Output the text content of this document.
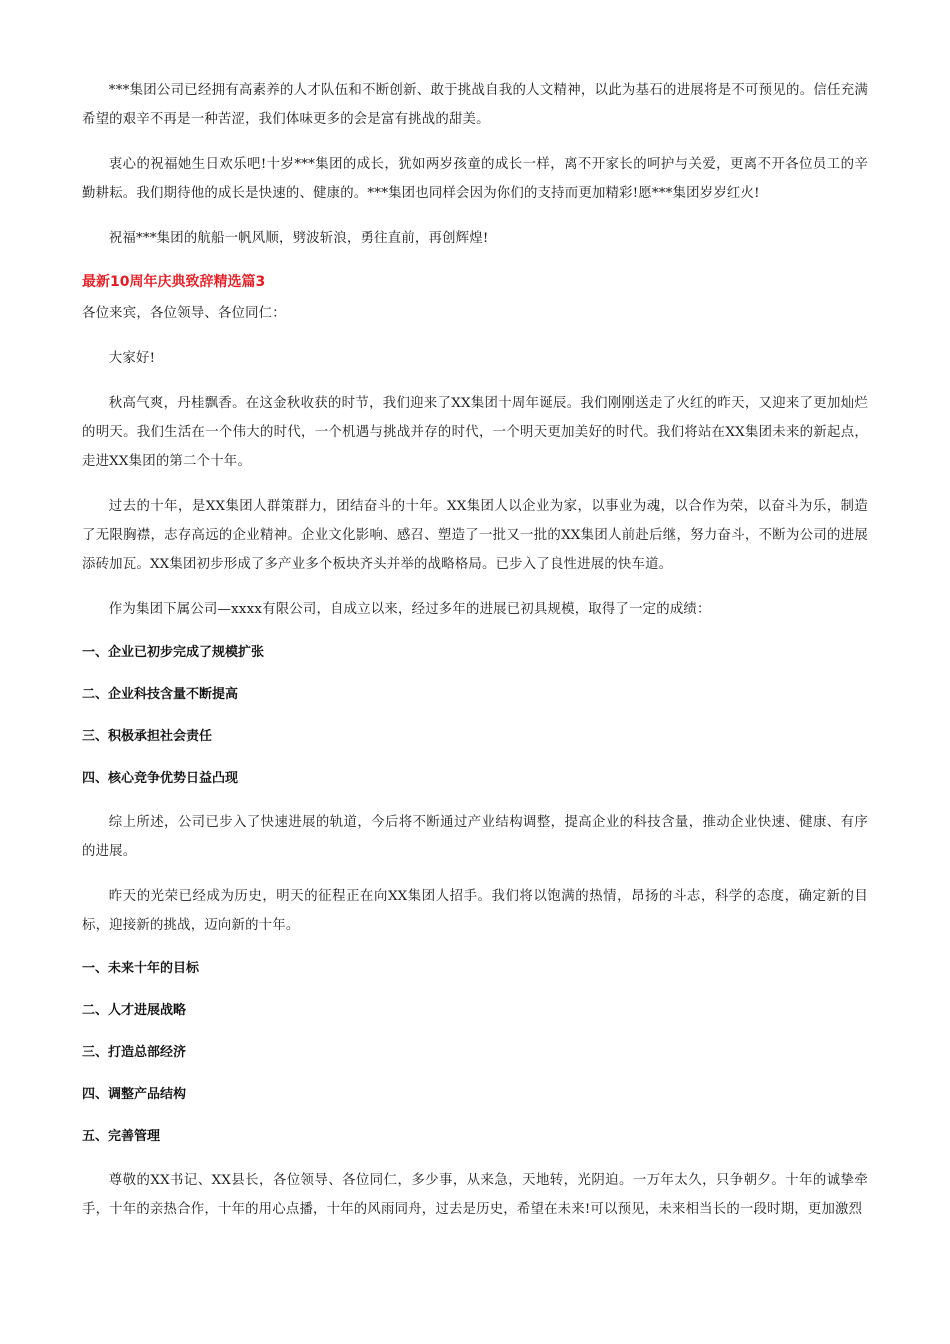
***集团公司已经拥有高素养的人才队伍和不断创新、敢于挑战自我的人文精神，以此为基石的进展将是不可预见的。信任充满希望的艰辛不再是一种苦涩，我们体味更多的会是富有挑战的甜美。

衷心的祝福她生日欢乐吧!十岁***集团的成长，犹如两岁孩童的成长一样，离不开家长的呵护与关爱，更离不开各位员工的辛勤耕耘。我们期待他的成长是快速的、健康的。***集团也同样会因为你们的支持而更加精彩!愿***集团岁岁红火!

祝福***集团的航船一帆风顺，劈波斩浪，勇往直前，再创辉煌!

最新10周年庆典致辞精选篇3

各位来宾，各位领导、各位同仁：

大家好!

秋高气爽，丹桂飘香。在这金秋收获的时节，我们迎来了XX集团十周年诞辰。我们刚刚送走了火红的昨天，又迎来了更加灿烂的明天。我们生活在一个伟大的时代，一个机遇与挑战并存的时代，一个明天更加美好的时代。我们将站在XX集团未来的新起点，走进XX集团的第二个十年。

过去的十年，是XX集团人群策群力，团结奋斗的十年。XX集团人以企业为家，以事业为魂，以合作为荣，以奋斗为乐，制造了无限胸襟，志存高远的企业精神。企业文化影响、感召、塑造了一批又一批的XX集团人前赴后继，努力奋斗，不断为公司的进展添砖加瓦。XX集团初步形成了多产业多个板块齐头并举的战略格局。已步入了良性进展的快车道。

作为集团下属公司—xxxx有限公司，自成立以来，经过多年的进展已初具规模，取得了一定的成绩：

一、企业已初步完成了规模扩张
二、企业科技含量不断提高
三、积极承担社会责任
四、核心竞争优势日益凸现

综上所述，公司已步入了快速进展的轨道，今后将不断通过产业结构调整，提高企业的科技含量，推动企业快速、健康、有序的进展。

昨天的光荣已经成为历史，明天的征程正在向XX集团人招手。我们将以饱满的热情，昂扬的斗志，科学的态度，确定新的目标，迎接新的挑战，迈向新的十年。

一、未来十年的目标
二、人才进展战略
三、打造总部经济
四、调整产品结构
五、完善管理

尊敬的XX书记、XX县长，各位领导、各位同仁，多少事，从来急，天地转，光阴迫。一万年太久，只争朝夕。十年的诚挚牵手，十年的亲热合作，十年的用心点播，十年的风雨同舟，过去是历史，希望在未来!可以预见，未来相当长的一段时期，更加激烈
